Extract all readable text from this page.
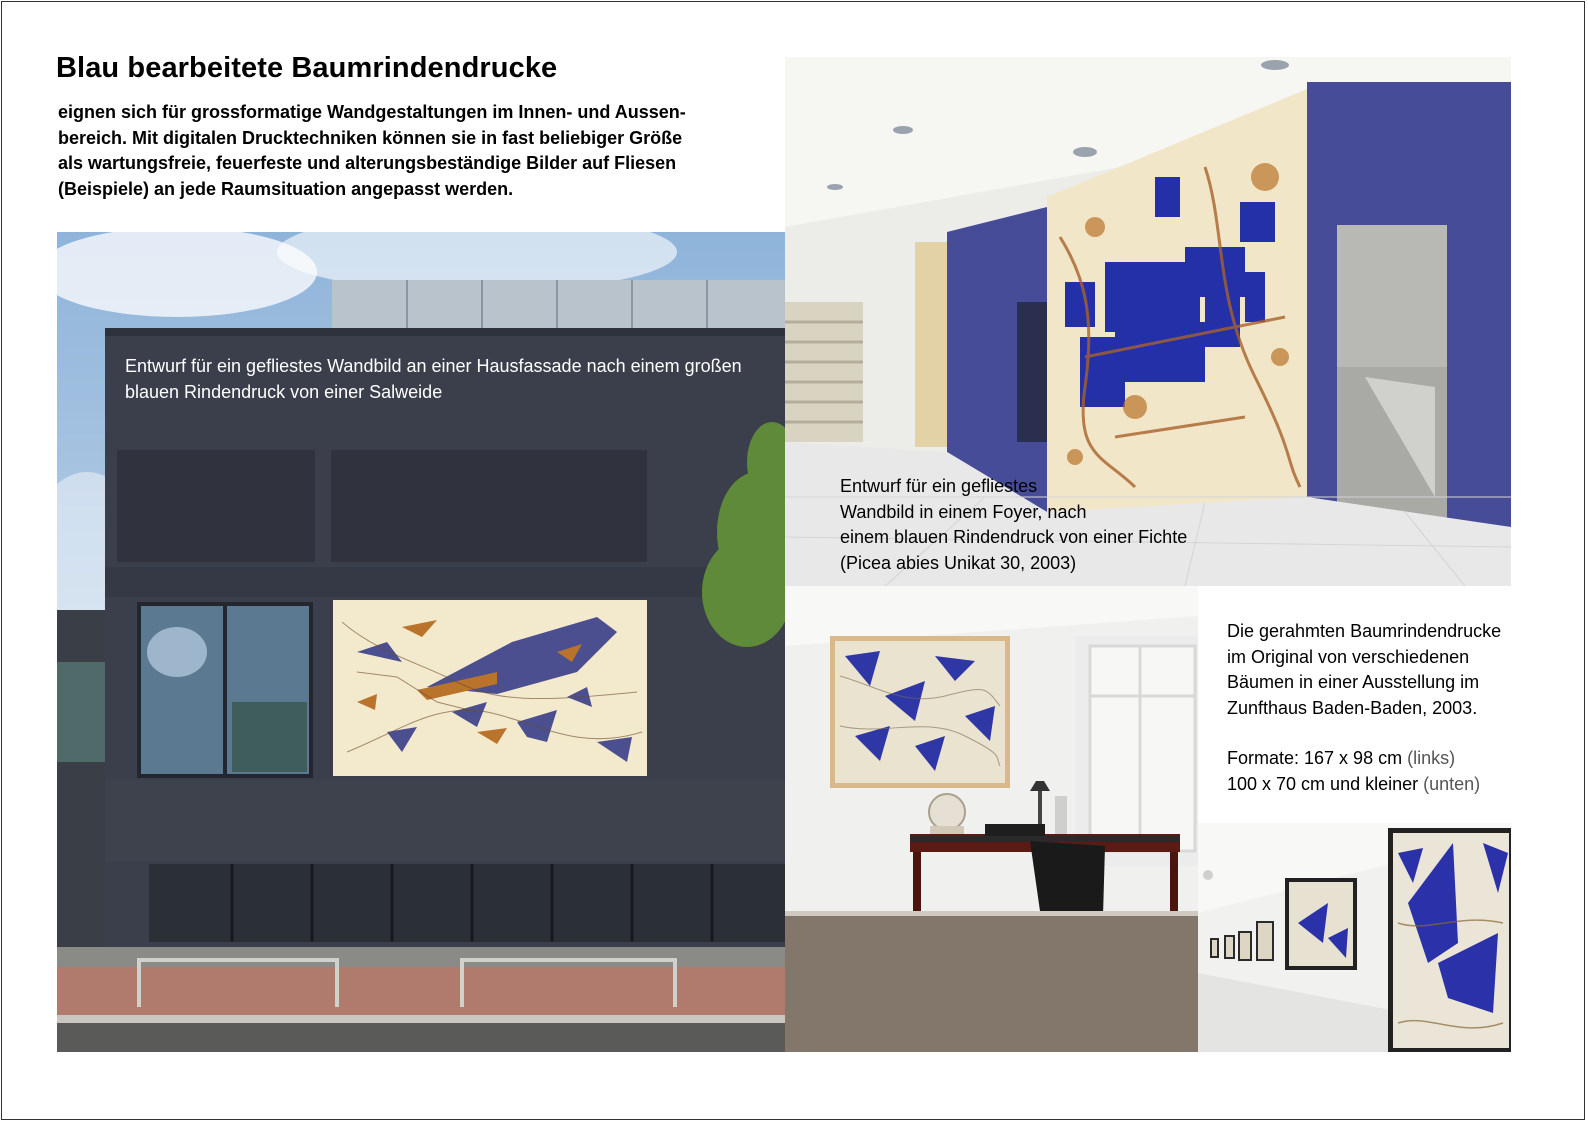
Blau bearbeitete Baumrindendrucke
eignen sich für grossformatige Wandgestaltungen im Innen- und Aussen-
bereich. Mit digitalen Drucktechniken können sie in fast beliebiger Größe
als wartungsfreie, feuerfeste und alterungsbeständige Bilder auf Fliesen
(Beispiele) an jede Raumsituation angepasst werden.
Entwurf für ein gefliestes Wandbild an einer Hausfassade nach einem großen
blauen Rindendruck von einer Salweide
Entwurf für ein gefliestes
Wandbild in einem Foyer, nach
einem blauen Rindendruck von einer Fichte
(Picea abies Unikat 30, 2003)
Die gerahmten Baumrindendrucke
im Original von verschiedenen
Bäumen in einer Ausstellung im
Zunfthaus Baden-Baden, 2003.
Formate: 167 x 98 cm (links)
100 x 70 cm und kleiner (unten)
